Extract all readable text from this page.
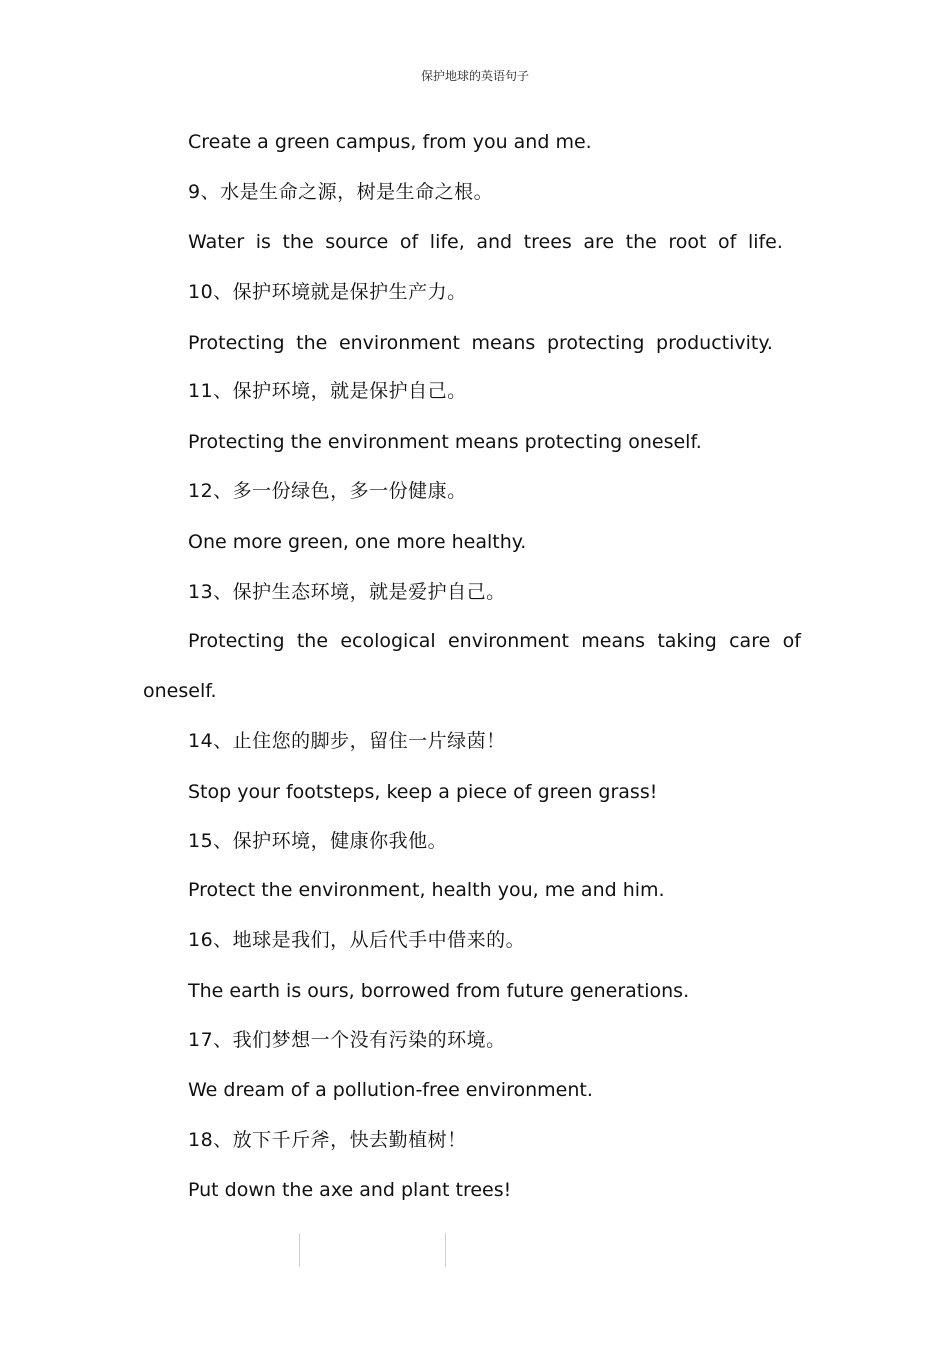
保护地球的英语句子
Create a green campus, from you and me.
9、水是生命之源，树是生命之根。
Water is the source of life, and trees are the root of life.
10、保护环境就是保护生产力。
Protecting the environment means protecting productivity.
11、保护环境，就是保护自己。
Protecting the environment means protecting oneself.
12、多一份绿色，多一份健康。
One more green, one more healthy.
13、保护生态环境，就是爱护自己。
Protecting the ecological environment means taking care of
oneself.
14、止住您的脚步，留住一片绿茵！
Stop your footsteps, keep a piece of green grass!
15、保护环境，健康你我他。
Protect the environment, health you, me and him.
16、地球是我们，从后代手中借来的。
The earth is ours, borrowed from future generations.
17、我们梦想一个没有污染的环境。
We dream of a pollution-free environment.
18、放下千斤斧，快去勤植树！
Put down the axe and plant trees!
